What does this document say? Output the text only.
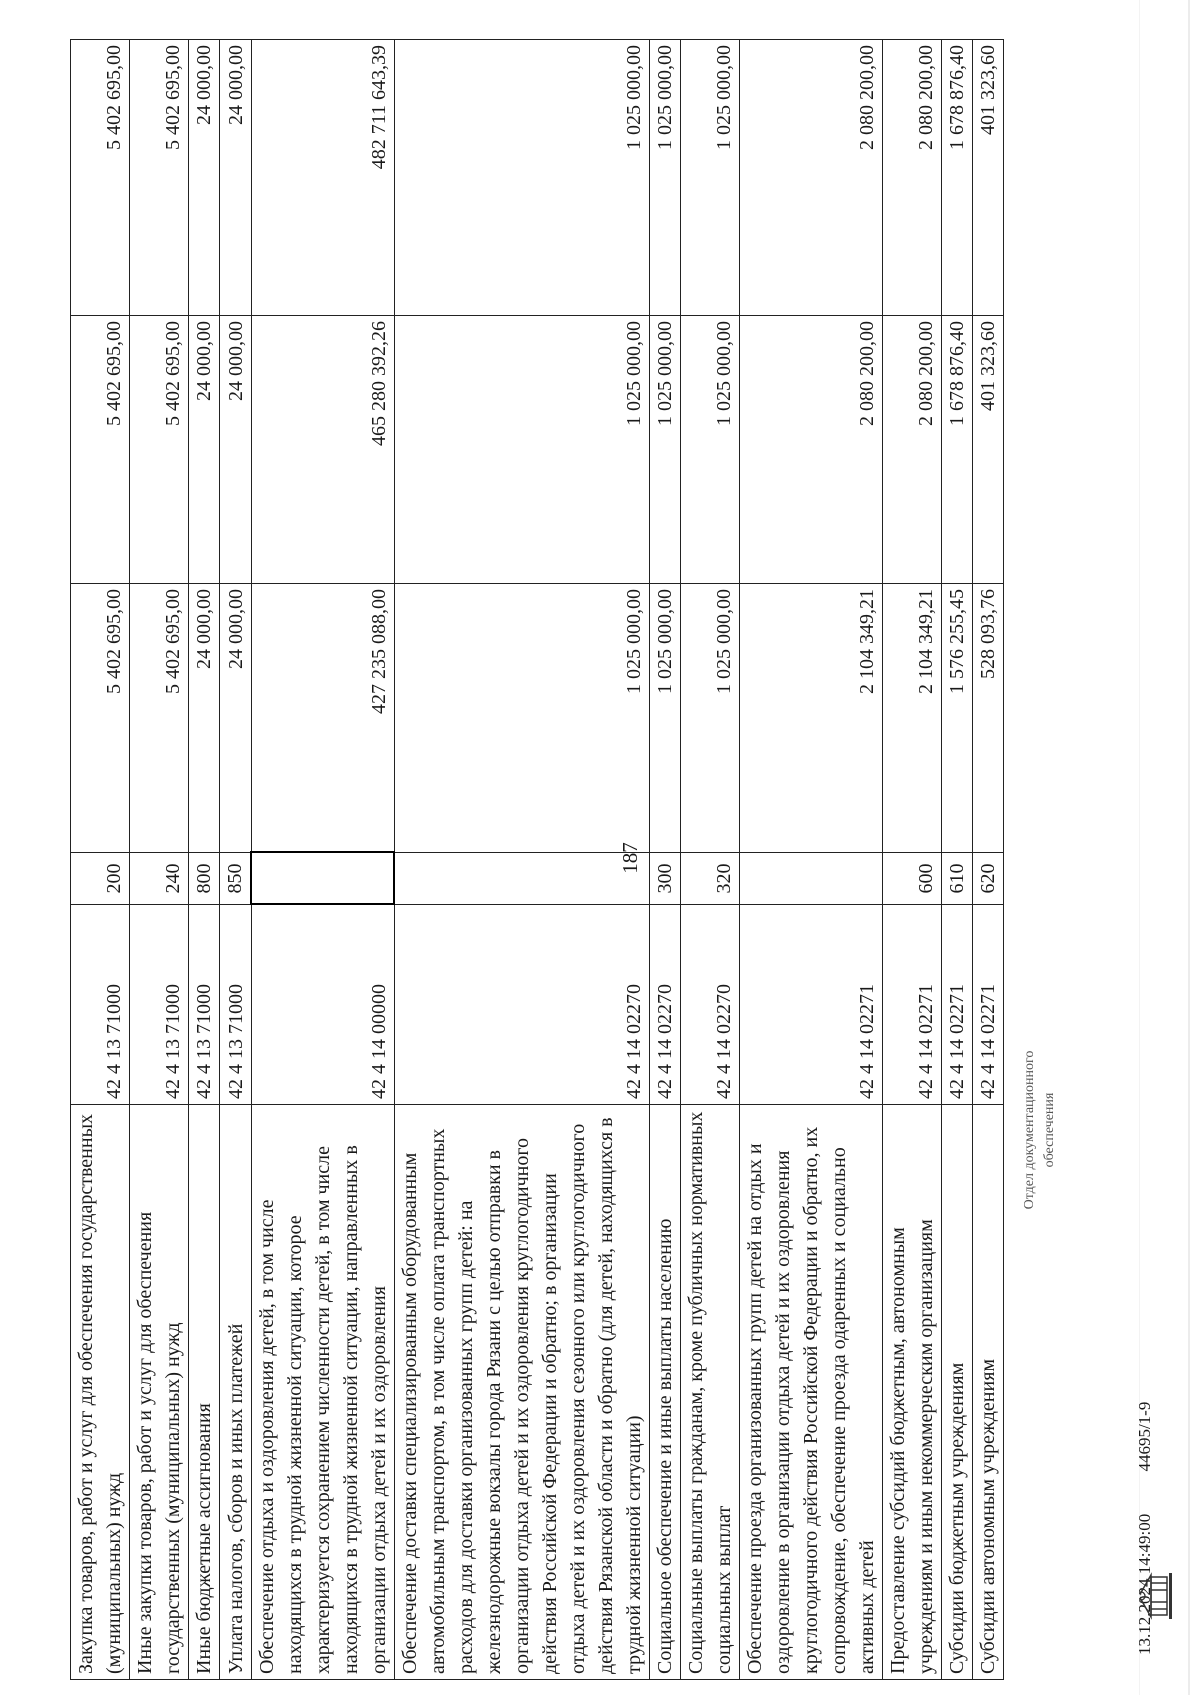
187
Закупка товаров, работ и услуг для обеспечения государственных (муниципальных) нужд	42 4 13 71000	200	5 402 695,00	5 402 695,00	5 402 695,00
Иные закупки товаров, работ и услуг для обеспечения государственных (муниципальных) нужд	42 4 13 71000	240	5 402 695,00	5 402 695,00	5 402 695,00
Иные бюджетные ассигнования	42 4 13 71000	800	24 000,00	24 000,00	24 000,00
Уплата налогов, сборов и иных платежей	42 4 13 71000	850	24 000,00	24 000,00	24 000,00
Обеспечение отдыха и оздоровления детей, в том числе находящихся в трудной жизненной ситуации, которое характеризуется сохранением численности детей, в том числе находящихся в трудной жизненной ситуации, направленных в организации отдыха детей и их оздоровления	42 4 14 00000		427 235 088,00	465 280 392,26	482 711 643,39
Обеспечение доставки специализированным оборудованным автомобильным транспортом, в том числе оплата транспортных расходов для доставки организованных групп детей: на железнодорожные вокзалы города Рязани с целью отправки в организации отдыха детей и их оздоровления круглогодичного действия Российской Федерации и обратно; в организации отдыха детей и их оздоровления сезонного или круглогодичного действия Рязанской области и обратно (для детей, находящихся в трудной жизненной ситуации)	42 4 14 02270		1 025 000,00	1 025 000,00	1 025 000,00
Социальное обеспечение и иные выплаты населению	42 4 14 02270	300	1 025 000,00	1 025 000,00	1 025 000,00
Социальные выплаты гражданам, кроме публичных нормативных социальных выплат	42 4 14 02270	320	1 025 000,00	1 025 000,00	1 025 000,00
Обеспечение проезда организованных групп детей на отдых и оздоровление в организации отдыха детей и их оздоровления круглогодичного действия Российской Федерации и обратно, их сопровождение, обеспечение проезда одаренных и социально активных детей	42 4 14 02271		2 104 349,21	2 080 200,00	2 080 200,00
Предоставление субсидий бюджетным, автономным учреждениям и иным некоммерческим организациям	42 4 14 02271	600	2 104 349,21	2 080 200,00	2 080 200,00
Субсидии бюджетным учреждениям	42 4 14 02271	610	1 576 255,45	1 678 876,40	1 678 876,40
Субсидии автономным учреждениям	42 4 14 02271	620	528 093,76	401 323,60	401 323,60
13.12.2024 14:49:00 44695/1-9
Отдел документационного обеспечения
